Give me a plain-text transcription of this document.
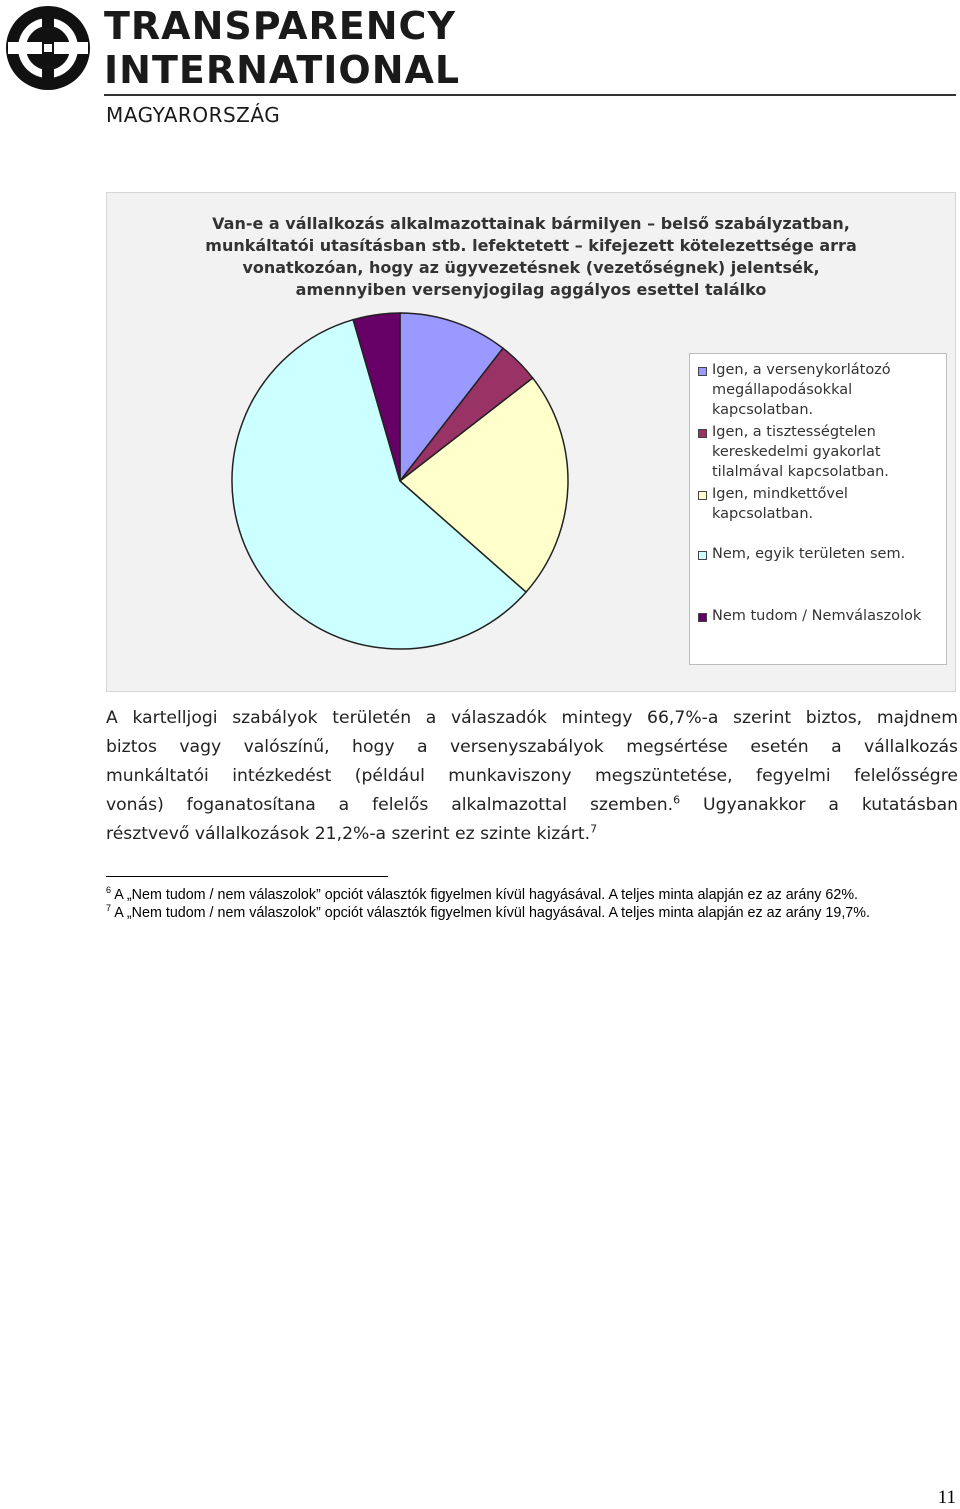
TRANSPARENCY
INTERNATIONAL
MAGYARORSZÁG
Van-e a vállalkozás alkalmazottainak bármilyen – belső szabályzatban,
munkáltatói utasításban stb. lefektetett – kifejezett kötelezettsége arra
vonatkozóan, hogy az ügyvezetésnek (vezetőségnek) jelentsék,
amennyiben versenyjogilag aggályos esettel találko
Igen, a versenykorlátozó
megállapodásokkal
kapcsolatban.
Igen, a tisztességtelen
kereskedelmi gyakorlat
tilalmával kapcsolatban.
Igen, mindkettővel
kapcsolatban.
Nem, egyik területen sem.
Nem tudom / Nemválaszolok
A kartelljogi szabályok területén a válaszadók mintegy 66,7%-a szerint biztos, majdnem
biztos vagy valószínű, hogy a versenyszabályok megsértése esetén a vállalkozás
munkáltatói intézkedést (például munkaviszony megszüntetése, fegyelmi felelősségre
vonás) foganatosítana a felelős alkalmazottal szemben.$^6$ Ugyanakkor a kutatásban
résztvevő vállalkozások 21,2%-a szerint ez szinte kizárt.$^7$
$^6$ A „Nem tudom / nem válaszolok” opciót választók figyelmen kívül hagyásával. A teljes minta alapján ez az arány 62%.
$^7$ A „Nem tudom / nem válaszolok” opciót választók figyelmen kívül hagyásával. A teljes minta alapján ez az arány 19,7%.
11
